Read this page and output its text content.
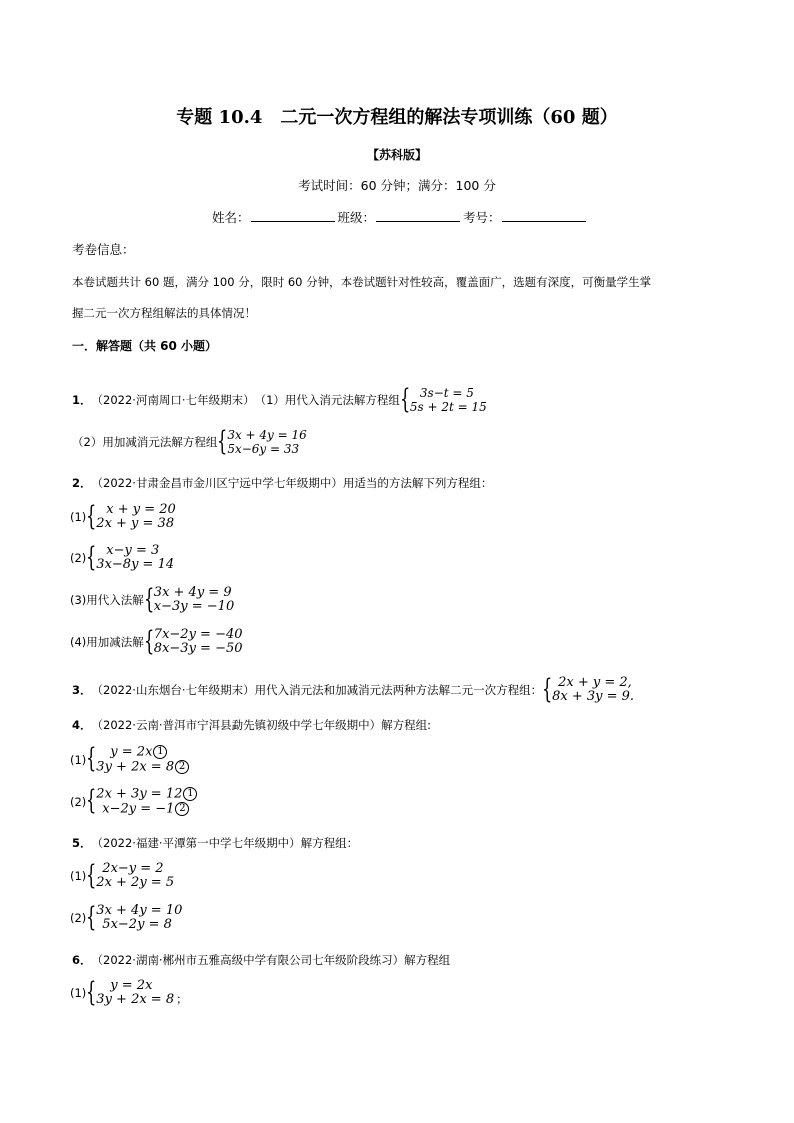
专题 10.4　二元一次方程组的解法专项训练（60 题）
【苏科版】
考试时间：60 分钟；满分：100 分
姓名：	班级：	考号：
考卷信息：
本卷试题共计 60 题，满分 100 分，限时 60 分钟，本卷试题针对性较高，覆盖面广，选题有深度，可衡量学生掌
握二元一次方程组解法的具体情况！
一．解答题（共 60 小题）
1． （2022·河南周口·七年级期末） （1）用代入消元法解方程组 { 3s−t = 5
5s + 2t = 15
（2）用加减消元法解方程组 { 3x + 4y = 16
5x−6y = 33
2． （2022·甘肃金昌市金川区宁远中学七年级期中） 用适当的方法解下列方程组：
(1) { x + y = 20
2x + y = 38
(2) { x−y = 3
3x−8y = 14
(3)用代入法解 { 3x + 4y = 9
x−3y = −10
(4)用加减法解 { 7x−2y = −40
8x−3y = −50
3． （2022·山东烟台·七年级期末） 用代入消元法和加减消元法两种方法解二元一次方程组： { 2x + y = 2,
8x + 3y = 9.
4． （2022·云南·普洱市宁洱县勐先镇初级中学七年级期中） 解方程组:
(1) {	y = 2x 1
3y + 2x = 8 2
(2) { 2x + 3y = 12 1
x−2y = −1 2
5． （2022·福建·平潭第一中学七年级期中） 解方程组：
(1) { 2x−y = 2
2x + 2y = 5
(2) { 3x + 4y = 10
5x−2y = 8
6． （2022·湖南·郴州市五雅高级中学有限公司七年级阶段练习） 解方程组
(1) {	y = 2x
3y + 2x = 8 ；
